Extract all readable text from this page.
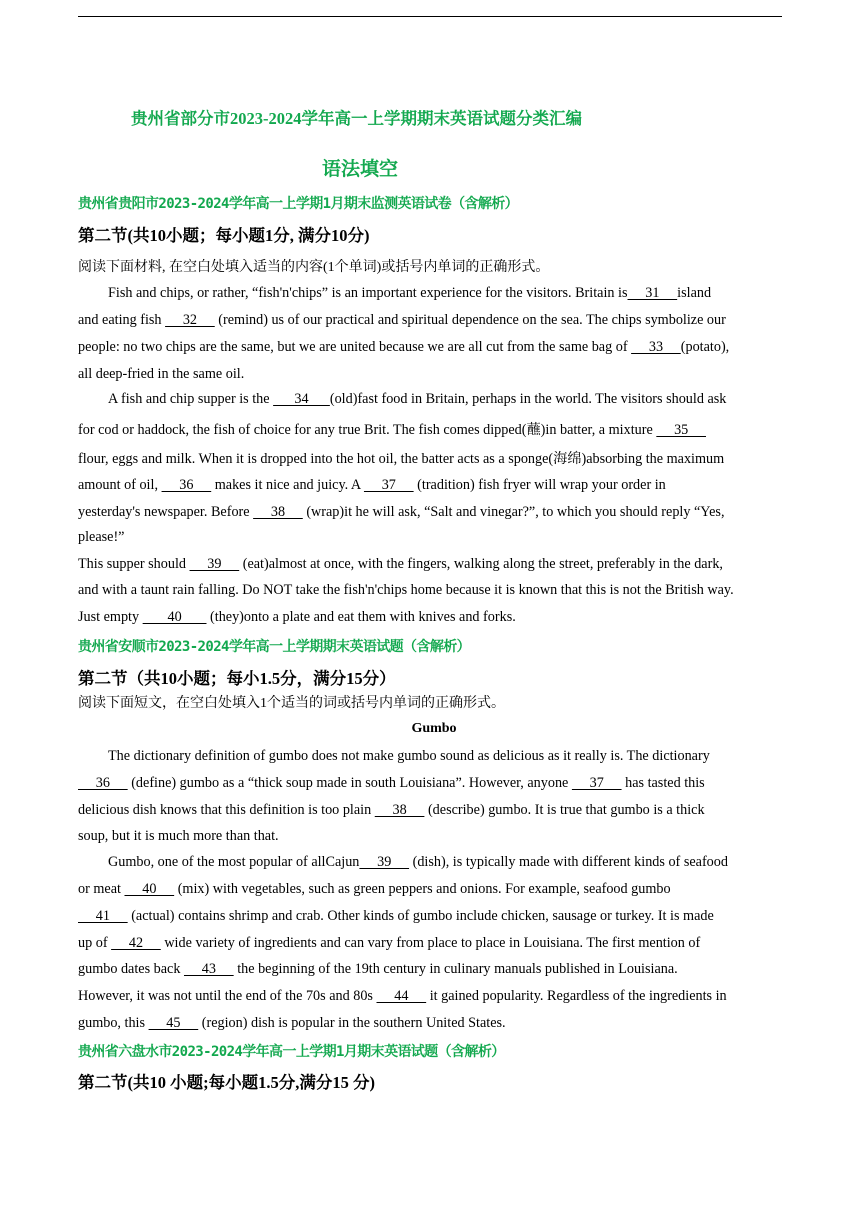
贵州省部分市2023-2024学年高一上学期期末英语试题分类汇编
语法填空
贵州省贵阳市2023-2024学年高一上学期1月期末监测英语试卷（含解析）
第二节(共10小题；每小题1分, 满分10分)
阅读下面材料, 在空白处填入适当的内容(1个单词)或括号内单词的正确形式。
Fish and chips, or rather, “fish'n'chips” is an important experience for the visitors. Britain is     31     island
and eating fish      32      (remind) us of our practical and spiritual dependence on the sea. The chips symbolize our
people: no two chips are the same, but we are united because we are all cut from the same bag of      33     (potato),
all deep-fried in the same oil.
A fish and chip supper is the       34      (old)fast food in Britain, perhaps in the world. The visitors should ask
for cod or haddock, the fish of choice for any true Brit. The fish comes dipped(蘸)in batter, a mixture      35
flour, eggs and milk. When it is dropped into the hot oil, the batter acts as a sponge(海绵)absorbing the maximum
amount of oil,      36      makes it nice and juicy. A      37      (tradition) fish fryer will wrap your order in
yesterday's newspaper. Before      38      (wrap)it he will ask, “Salt and vinegar?”, to which you should reply “Yes,
please!”
This supper should      39      (eat)almost at once, with the fingers, walking along the street, preferably in the dark,
and with a taunt rain falling. Do NOT take the fish'n'chips home because it is known that this is not the British way.
Just empty        40        (they)onto a plate and eat them with knives and forks.
贵州省安顺市2023-2024学年高一上学期期末英语试题（含解析）
第二节（共10小题；每小1.5分，满分15分）
阅读下面短文，在空白处填入1个适当的词或括号内单词的正确形式。
Gumbo
The dictionary definition of gumbo does not make gumbo sound as delicious as it really is. The dictionary
36      (define) gumbo as a “thick soup made in south Louisiana”. However, anyone      37      has tasted this
delicious dish knows that this definition is too plain      38      (describe) gumbo. It is true that gumbo is a thick
soup, but it is much more than that.
Gumbo, one of the most popular of allCajun     39      (dish), is typically made with different kinds of seafood
or meat      40      (mix) with vegetables, such as green peppers and onions. For example, seafood gumbo
41      (actual) contains shrimp and crab. Other kinds of gumbo include chicken, sausage or turkey. It is made
up of      42      wide variety of ingredients and can vary from place to place in Louisiana. The first mention of
gumbo dates back      43      the beginning of the 19th century in culinary manuals published in Louisiana.
However, it was not until the end of the 70s and 80s      44      it gained popularity. Regardless of the ingredients in
gumbo, this      45      (region) dish is popular in the southern United States.
贵州省六盘水市2023-2024学年高一上学期1月期末英语试题（含解析）
第二节(共10 小题;每小题1.5分,满分15 分)
